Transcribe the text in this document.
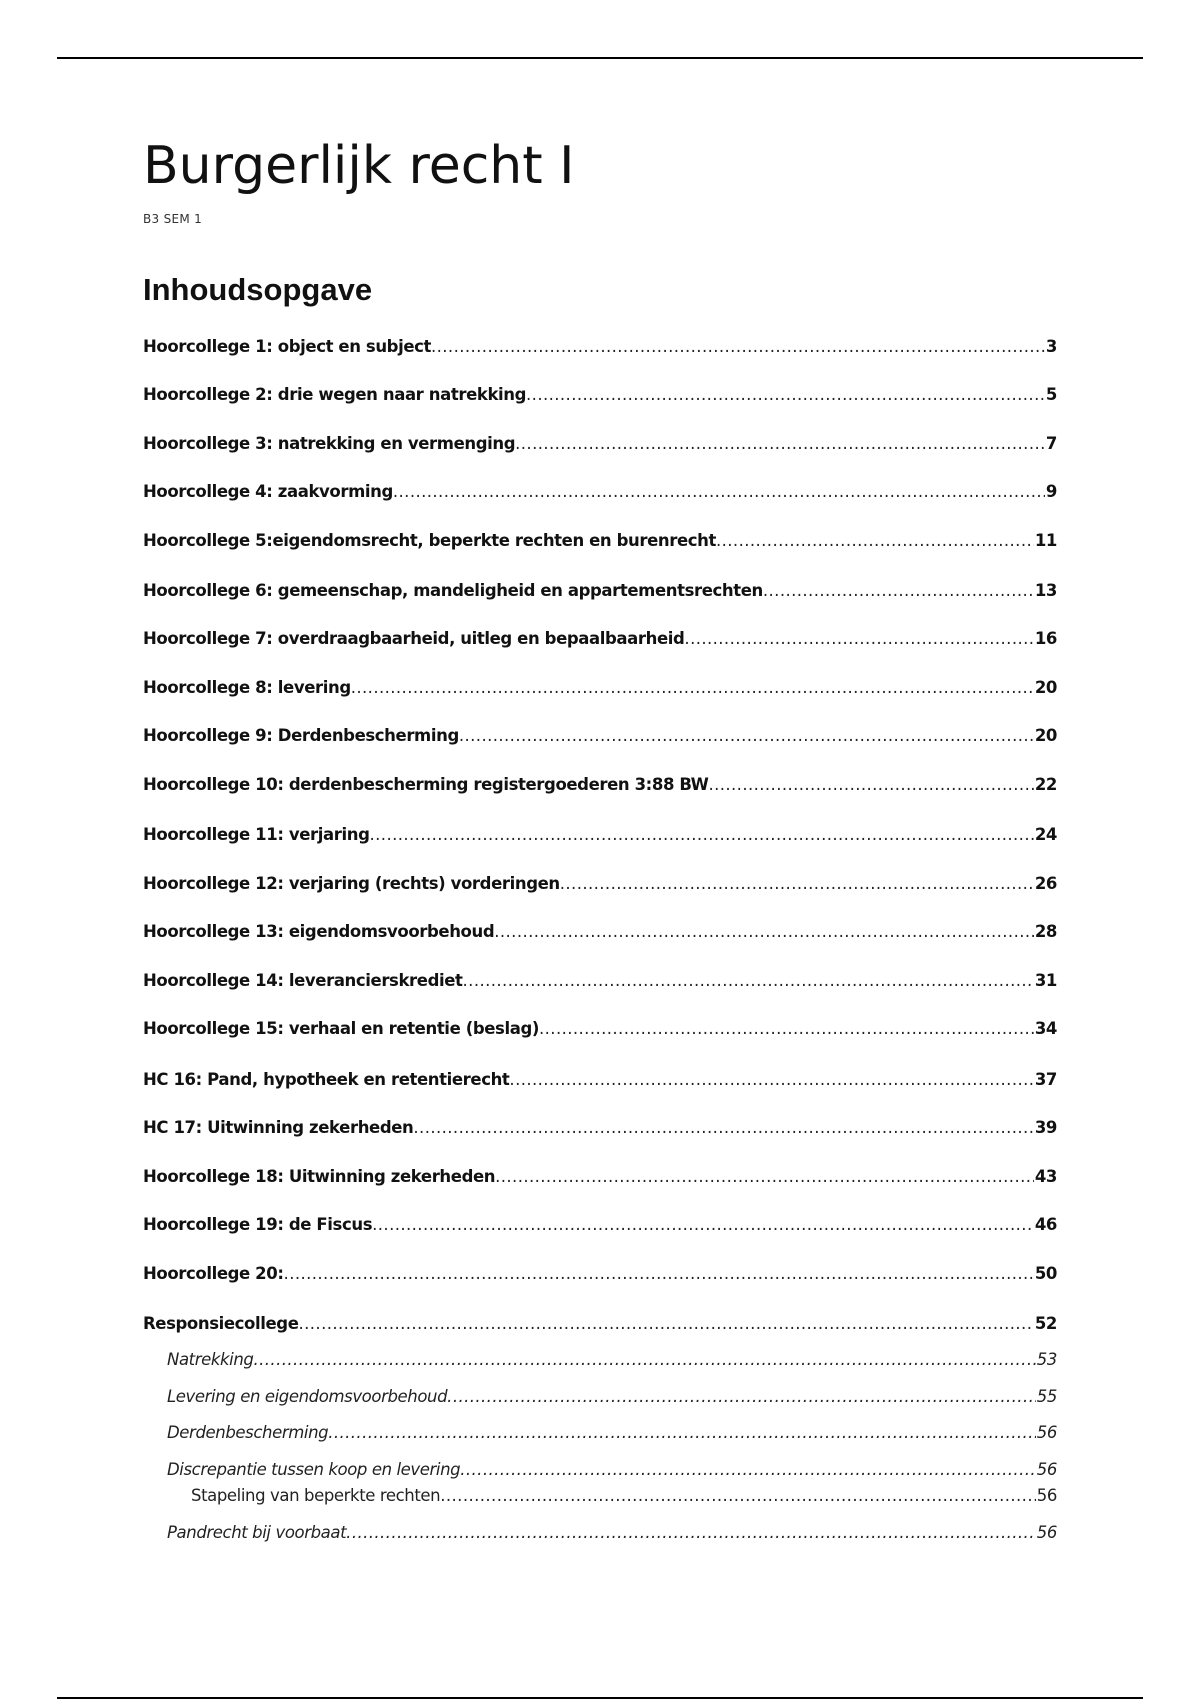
Burgerlijk recht I
B3 SEM 1
Inhoudsopgave
Hoorcollege 1: object en subject .....	3
Hoorcollege 2: drie wegen naar natrekking .....	5
Hoorcollege 3: natrekking en vermenging .....	7
Hoorcollege 4: zaakvorming .....	9
Hoorcollege 5:eigendomsrecht, beperkte rechten en burenrecht .....	11
Hoorcollege 6: gemeenschap, mandeligheid en appartementsrechten .....	13
Hoorcollege 7: overdraagbaarheid, uitleg en bepaalbaarheid .....	16
Hoorcollege 8: levering .....	20
Hoorcollege 9: Derdenbescherming .....	20
Hoorcollege 10: derdenbescherming registergoederen 3:88 BW .....	22
Hoorcollege 11: verjaring .....	24
Hoorcollege 12: verjaring (rechts) vorderingen .....	26
Hoorcollege 13: eigendomsvoorbehoud .....	28
Hoorcollege 14: leverancierskrediet .....	31
Hoorcollege 15: verhaal en retentie (beslag) .....	34
HC 16: Pand, hypotheek en retentierecht .....	37
HC 17: Uitwinning zekerheden .....	39
Hoorcollege 18: Uitwinning zekerheden .....	43
Hoorcollege 19: de Fiscus .....	46
Hoorcollege 20: .....	50
Responsiecollege .....	52
Natrekking .....	53
Levering en eigendomsvoorbehoud .....	55
Derdenbescherming .....	56
Discrepantie tussen koop en levering .....	56
Stapeling van beperkte rechten .....	56
Pandrecht bij voorbaat .....	56
